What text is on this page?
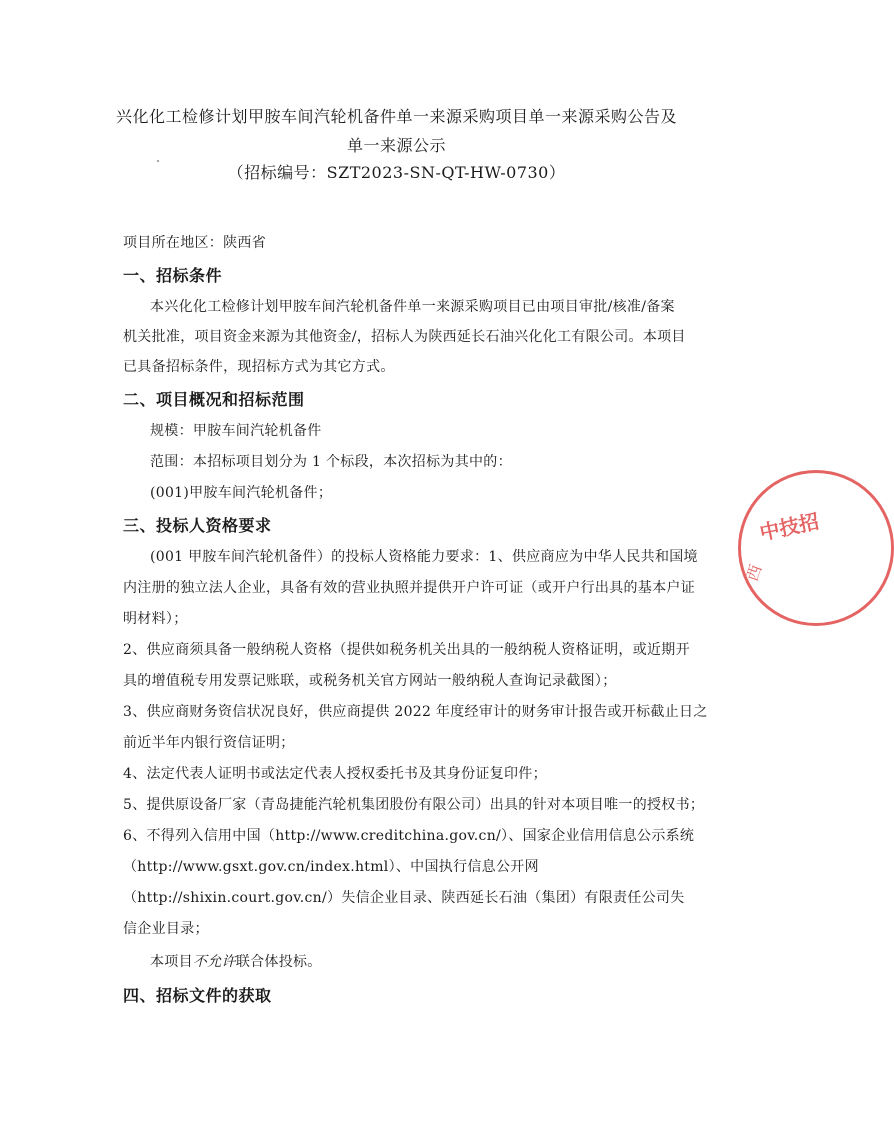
兴化化工检修计划甲胺车间汽轮机备件单一来源采购项目单一来源采购公告及
单一来源公示
（招标编号：SZT2023-SN-QT-HW-0730）
项目所在地区：陕西省
一、招标条件
本兴化化工检修计划甲胺车间汽轮机备件单一来源采购项目已由项目审批/核准/备案
机关批准，项目资金来源为其他资金/，招标人为陕西延长石油兴化化工有限公司。本项目
已具备招标条件，现招标方式为其它方式。
二、项目概况和招标范围
规模：甲胺车间汽轮机备件
范围：本招标项目划分为 1 个标段，本次招标为其中的：
(001)甲胺车间汽轮机备件；
三、投标人资格要求
(001 甲胺车间汽轮机备件）的投标人资格能力要求：1、供应商应为中华人民共和国境
内注册的独立法人企业，具备有效的营业执照并提供开户许可证（或开户行出具的基本户证
明材料）；
2、供应商须具备一般纳税人资格（提供如税务机关出具的一般纳税人资格证明，或近期开
具的增值税专用发票记账联，或税务机关官方网站一般纳税人查询记录截图）；
3、供应商财务资信状况良好，供应商提供 2022 年度经审计的财务审计报告或开标截止日之
前近半年内银行资信证明；
4、法定代表人证明书或法定代表人授权委托书及其身份证复印件；
5、提供原设备厂家（青岛捷能汽轮机集团股份有限公司）出具的针对本项目唯一的授权书；
6、不得列入信用中国（http://www.creditchina.gov.cn/）、国家企业信用信息公示系统
（http://www.gsxt.gov.cn/index.html）、中国执行信息公开网
（http://shixin.court.gov.cn/）失信企业目录、陕西延长石油（集团）有限责任公司失
信企业目录；
本项目不允许联合体投标。
四、招标文件的获取
中技招
西
